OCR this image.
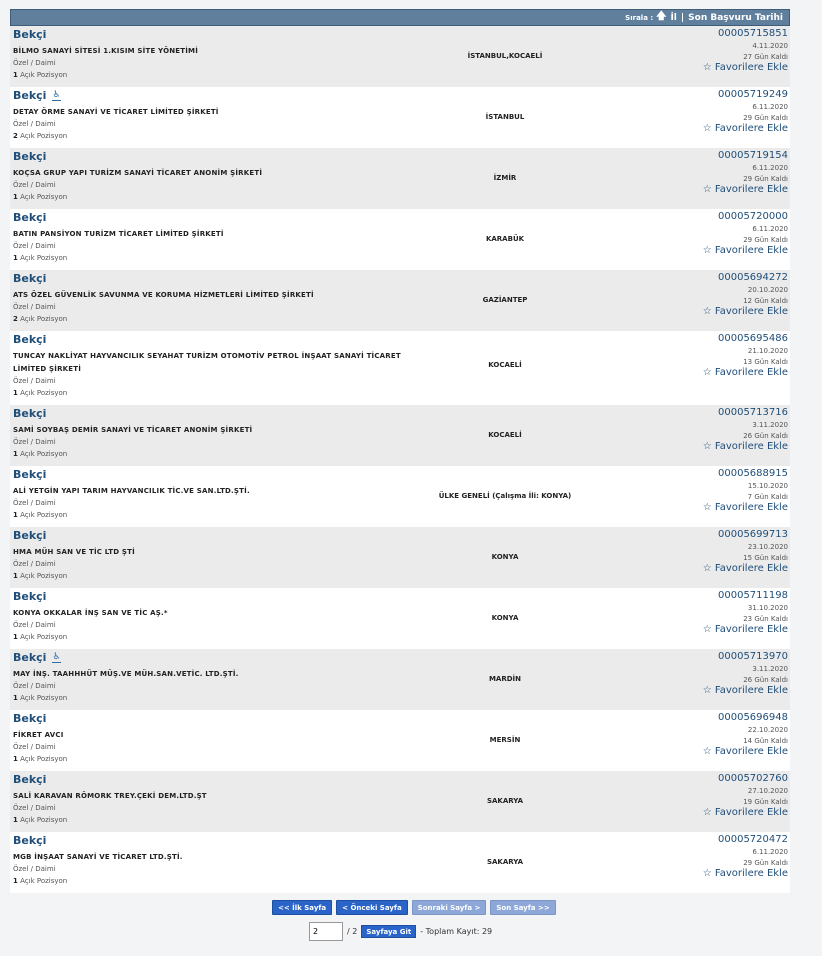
Sırala : 🡅 İl | Son Başvuru Tarihi
Bekçi
BİLMO SANAYİ SİTESİ 1.KISIM SİTE YÖNETİMİ
Özel / Daimi
1 Açık Pozisyon
İSTANBUL,KOCAELİ
00005715851
4.11.2020
27 Gün Kaldı
☆ Favorilere Ekle
Bekçi ♿
DETAY ÖRME SANAYİ VE TİCARET LİMİTED ŞİRKETİ
Özel / Daimi
2 Açık Pozisyon
İSTANBUL
00005719249
6.11.2020
29 Gün Kaldı
☆ Favorilere Ekle
Bekçi
KOÇSA GRUP YAPI TURİZM SANAYİ TİCARET ANONİM ŞİRKETİ
Özel / Daimi
1 Açık Pozisyon
İZMİR
00005719154
6.11.2020
29 Gün Kaldı
☆ Favorilere Ekle
Bekçi
BATIN PANSİYON TURİZM TİCARET LİMİTED ŞİRKETİ
Özel / Daimi
1 Açık Pozisyon
KARABÜK
00005720000
6.11.2020
29 Gün Kaldı
☆ Favorilere Ekle
Bekçi
ATS ÖZEL GÜVENLİK SAVUNMA VE KORUMA HİZMETLERİ LİMİTED ŞİRKETİ
Özel / Daimi
2 Açık Pozisyon
GAZİANTEP
00005694272
20.10.2020
12 Gün Kaldı
☆ Favorilere Ekle
Bekçi
TUNCAY NAKLİYAT HAYVANCILIK SEYAHAT TURİZM OTOMOTİV PETROL İNŞAAT SANAYİ TİCARET LİMİTED ŞİRKETİ
Özel / Daimi
1 Açık Pozisyon
KOCAELİ
00005695486
21.10.2020
13 Gün Kaldı
☆ Favorilere Ekle
Bekçi
SAMİ SOYBAŞ DEMİR SANAYİ VE TİCARET ANONİM ŞİRKETİ
Özel / Daimi
1 Açık Pozisyon
KOCAELİ
00005713716
3.11.2020
26 Gün Kaldı
☆ Favorilere Ekle
Bekçi
ALİ YETGİN YAPI TARIM HAYVANCILIK TİC.VE SAN.LTD.ŞTİ.
Özel / Daimi
1 Açık Pozisyon
ÜLKE GENELİ (Çalışma İli: KONYA)
00005688915
15.10.2020
7 Gün Kaldı
☆ Favorilere Ekle
Bekçi
HMA MÜH SAN VE TİC LTD ŞTİ
Özel / Daimi
1 Açık Pozisyon
KONYA
00005699713
23.10.2020
15 Gün Kaldı
☆ Favorilere Ekle
Bekçi
KONYA OKKALAR İNŞ SAN VE TİC AŞ.*
Özel / Daimi
1 Açık Pozisyon
KONYA
00005711198
31.10.2020
23 Gün Kaldı
☆ Favorilere Ekle
Bekçi ♿
MAY İNŞ. TAAHHHÜT MÜŞ.VE MÜH.SAN.VETİC. LTD.ŞTİ.
Özel / Daimi
1 Açık Pozisyon
MARDİN
00005713970
3.11.2020
26 Gün Kaldı
☆ Favorilere Ekle
Bekçi
FİKRET AVCI
Özel / Daimi
1 Açık Pozisyon
MERSİN
00005696948
22.10.2020
14 Gün Kaldı
☆ Favorilere Ekle
Bekçi
SALİ KARAVAN RÖMORK TREY.ÇEKİ DEM.LTD.ŞT
Özel / Daimi
1 Açık Pozisyon
SAKARYA
00005702760
27.10.2020
19 Gün Kaldı
☆ Favorilere Ekle
Bekçi
MGB İNŞAAT SANAYİ VE TİCARET LTD.ŞTİ.
Özel / Daimi
1 Açık Pozisyon
SAKARYA
00005720472
6.11.2020
29 Gün Kaldı
☆ Favorilere Ekle
<< İlk Sayfa	< Önceki Sayfa	Sonraki Sayfa >	Son Sayfa >>
2
/ 2	Sayfaya Git	- Toplam Kayıt: 29
